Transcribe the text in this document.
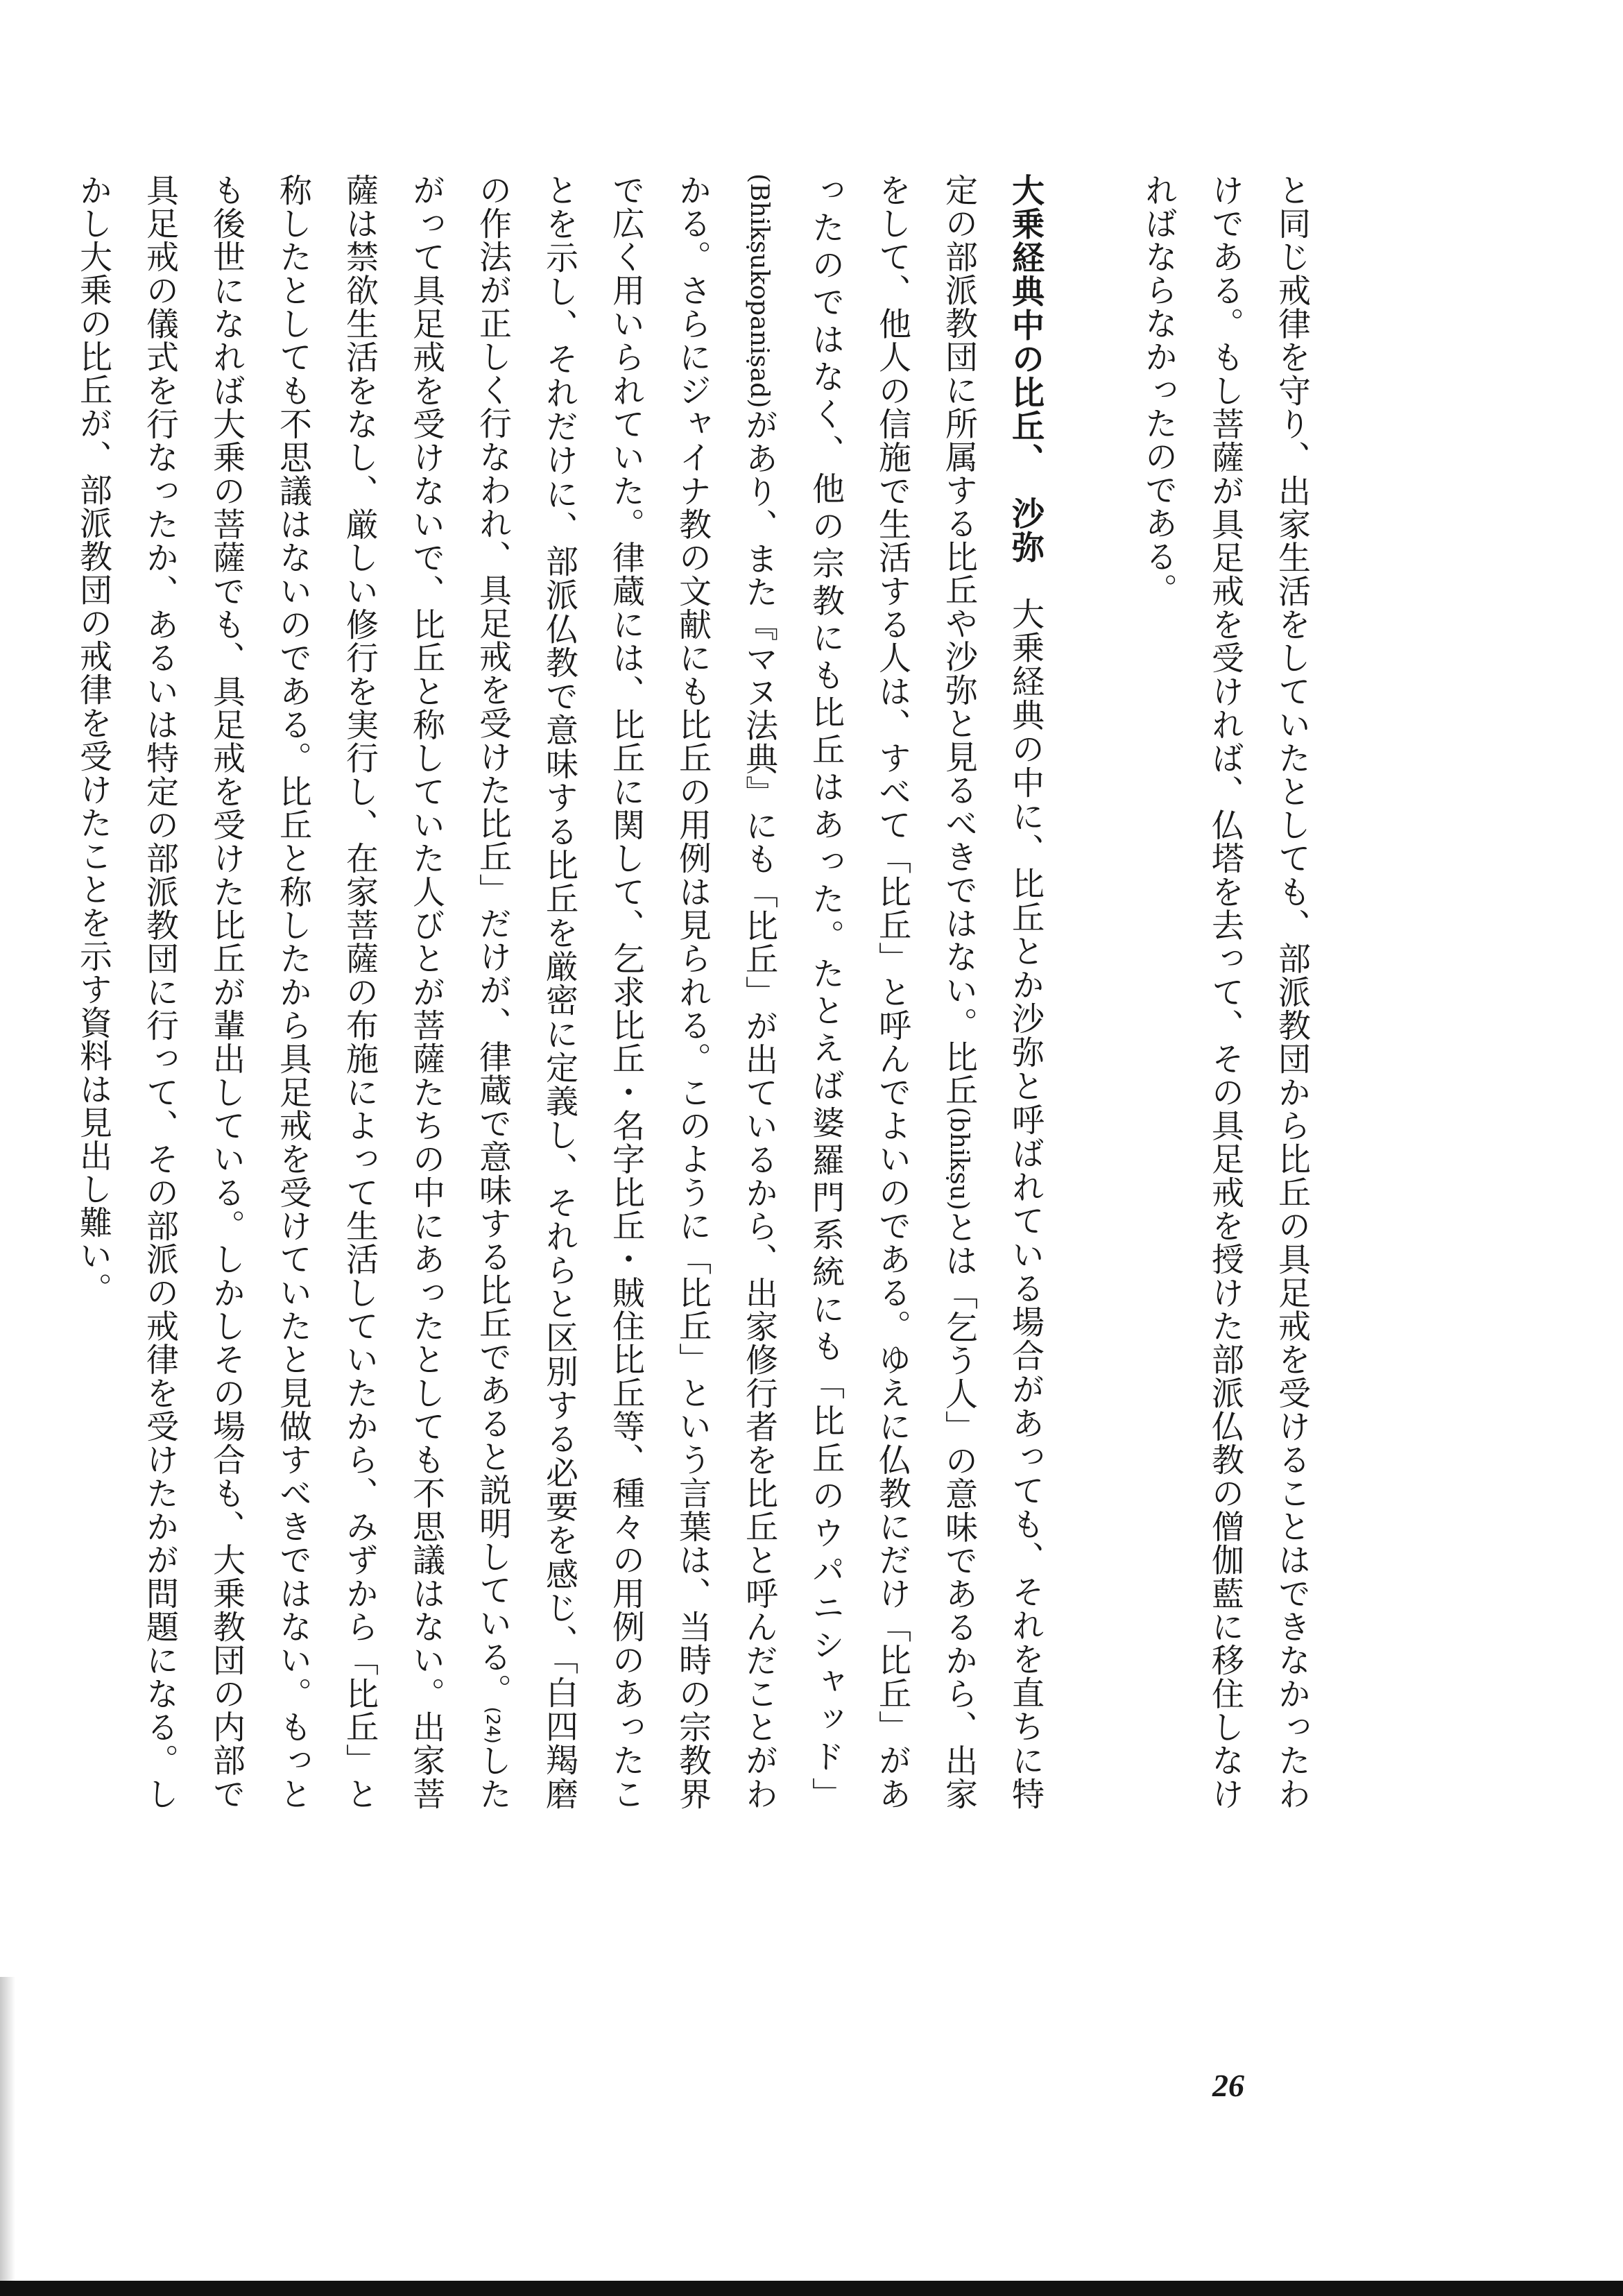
と同じ戒律を守り、出家生活をしていたとしても、部派教団から比丘の具足戒を受けることはできなかったわけである。もし菩薩が具足戒を受ければ、仏塔を去って、その具足戒を授けた部派仏教の僧伽藍に移住しなければならなかったのである。

大乗経典中の比丘、沙弥大乗経典の中に、比丘とか沙弥と呼ばれている場合があっても、それを直ちに特定の部派教団に所属する比丘や沙弥と見るべきではない。比丘(bhikṣu)とは「乞う人」の意味であるから、出家をして、他人の信施で生活する人は、すべて「比丘」と呼んでよいのである。ゆえに仏教にだけ「比丘」があったのではなく、他の宗教にも比丘はあった。たとえば婆羅門系統にも「比丘のウパニシャッド」(Bhikṣukopaniṣad)があり、また『マヌ法典』にも「比丘」が出ているから、出家修行者を比丘と呼んだことがわかる。さらにジャイナ教の文献にも比丘の用例は見られる。このように「比丘」という言葉は、当時の宗教界で広く用いられていた。律蔵には、比丘に関して、乞求比丘・名字比丘・賊住比丘等、種々の用例のあったことを示し、それだけに、部派仏教で意味する比丘を厳密に定義し、それらと区別する必要を感じ、「白四羯磨の作法が正しく行なわれ、具足戒を受けた比丘」だけが、律蔵で意味する比丘であると説明している。(24)したがって具足戒を受けないで、比丘と称していた人びとが菩薩たちの中にあったとしても不思議はない。出家菩薩は禁欲生活をなし、厳しい修行を実行し、在家菩薩の布施によって生活していたから、みずから「比丘」と称したとしても不思議はないのである。比丘と称したから具足戒を受けていたと見做すべきではない。もっとも後世になれば大乗の菩薩でも、具足戒を受けた比丘が輩出している。しかしその場合も、大乗教団の内部で具足戒の儀式を行なったか、あるいは特定の部派教団に行って、その部派の戒律を受けたかが問題になる。しかし大乗の比丘が、部派教団の戒律を受けたことを示す資料は見出し難い。

26
